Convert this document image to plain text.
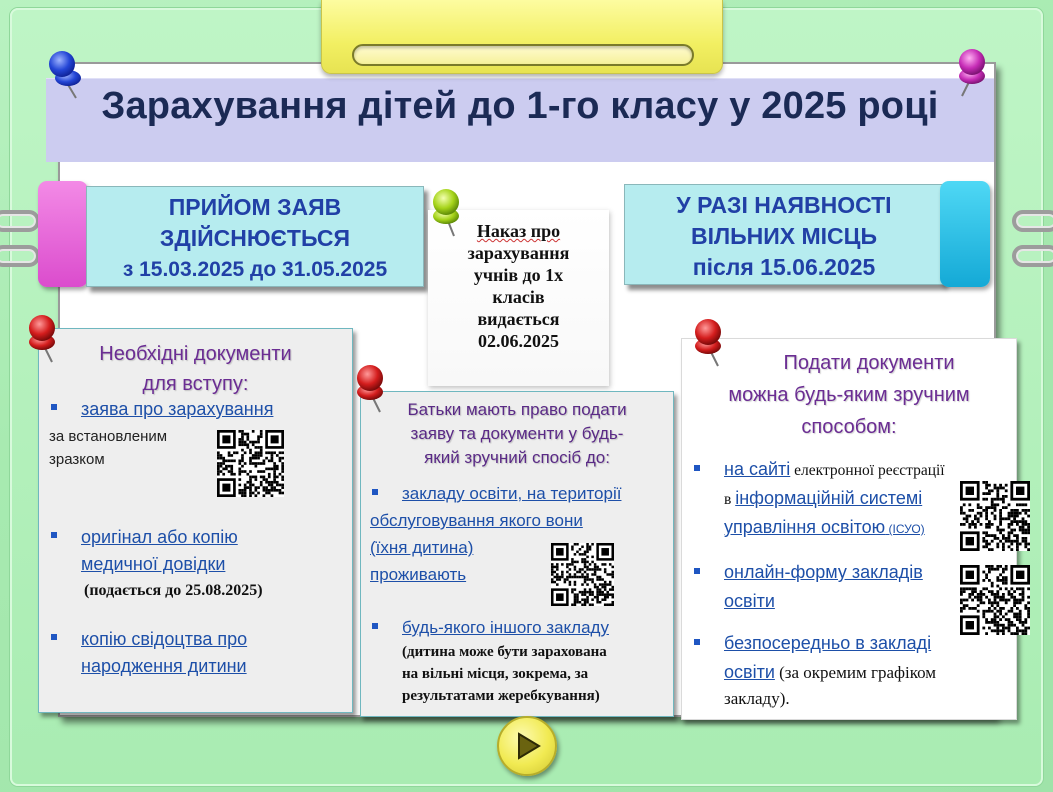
Зарахування дітей до 1-го класу у 2025 році
ПРИЙОМ ЗАЯВ
ЗДІЙСНЮЄТЬСЯ
з 15.03.2025 до 31.05.2025
У РАЗІ НАЯВНОСТІ
ВІЛЬНИХ МІСЦЬ
після 15.06.2025
Наказ про
зарахування
учнів до 1х
класів
видається
02.06.2025
Необхідні документи
для вступу:
заява про зарахування
за встановленим
зразком
оригінал або копію
медичної довідки
(подається до 25.08.2025)
копію свідоцтва про
народження дитини
Батьки мають право подати
заяву та документи у будь-
який зручний спосіб до:
закладу освіти, на території
обслуговування якого вони
(їхня дитина)
проживають
будь-якого іншого закладу
(дитина може бути зарахована
на вільні місця, зокрема, за
результатами жеребкування)
Подати документи
можна будь-яким зручним
способом:
на сайті електронної реєстрації
в інформаційній системі
управління освітою (ІСУО)
онлайн-форму закладів
освіти
безпосередньо в закладі
освіти (за окремим графіком
закладу).
